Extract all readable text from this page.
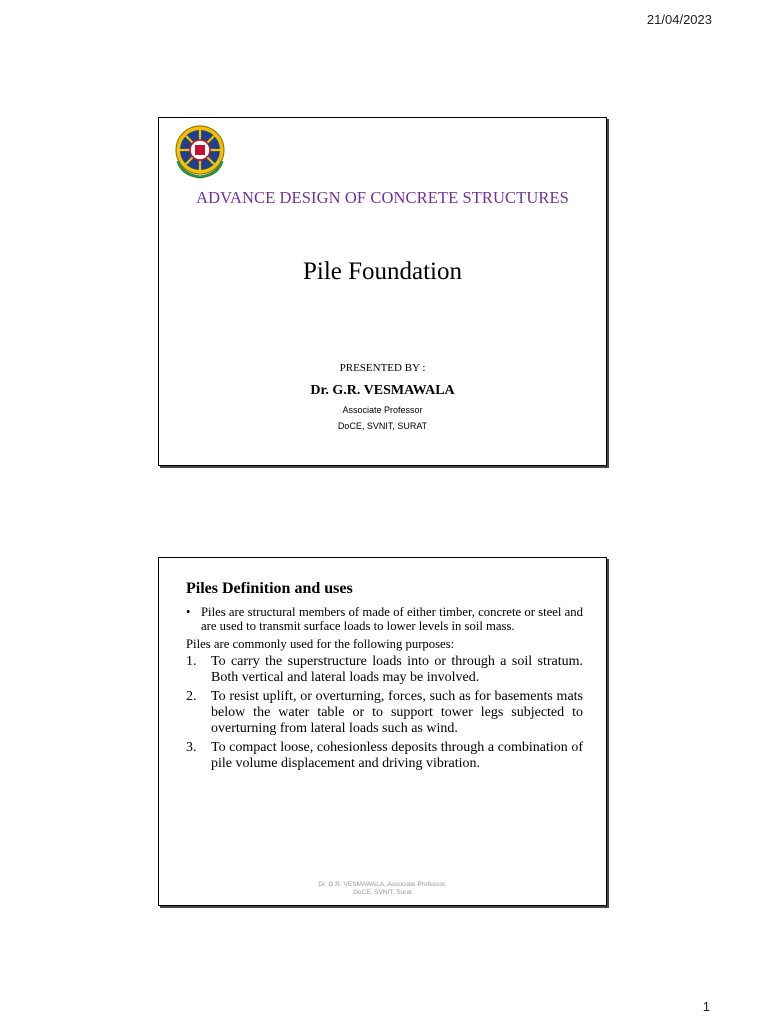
21/04/2023
ADVANCE DESIGN OF CONCRETE STRUCTURES
Pile Foundation
PRESENTED BY :
Dr. G.R. VESMAWALA
Associate Professor
DoCE, SVNIT, SURAT
Piles Definition and uses
• Piles are structural members of made of either timber, concrete or steel and are used to transmit surface loads to lower levels in soil mass.
Piles are commonly used for the following purposes:
1.	To carry the superstructure loads into or through a soil stratum. Both vertical and lateral loads may be involved.
2.	To resist uplift, or overturning, forces, such as for basements mats below the water table or to support tower legs subjected to overturning from lateral loads such as wind.
3.	To compact loose, cohesionless deposits through a combination of pile volume displacement and driving vibration.
Dr. G.R. VESMAWALA, Associate Professor,
DoCE, SVNIT, Surat
1
